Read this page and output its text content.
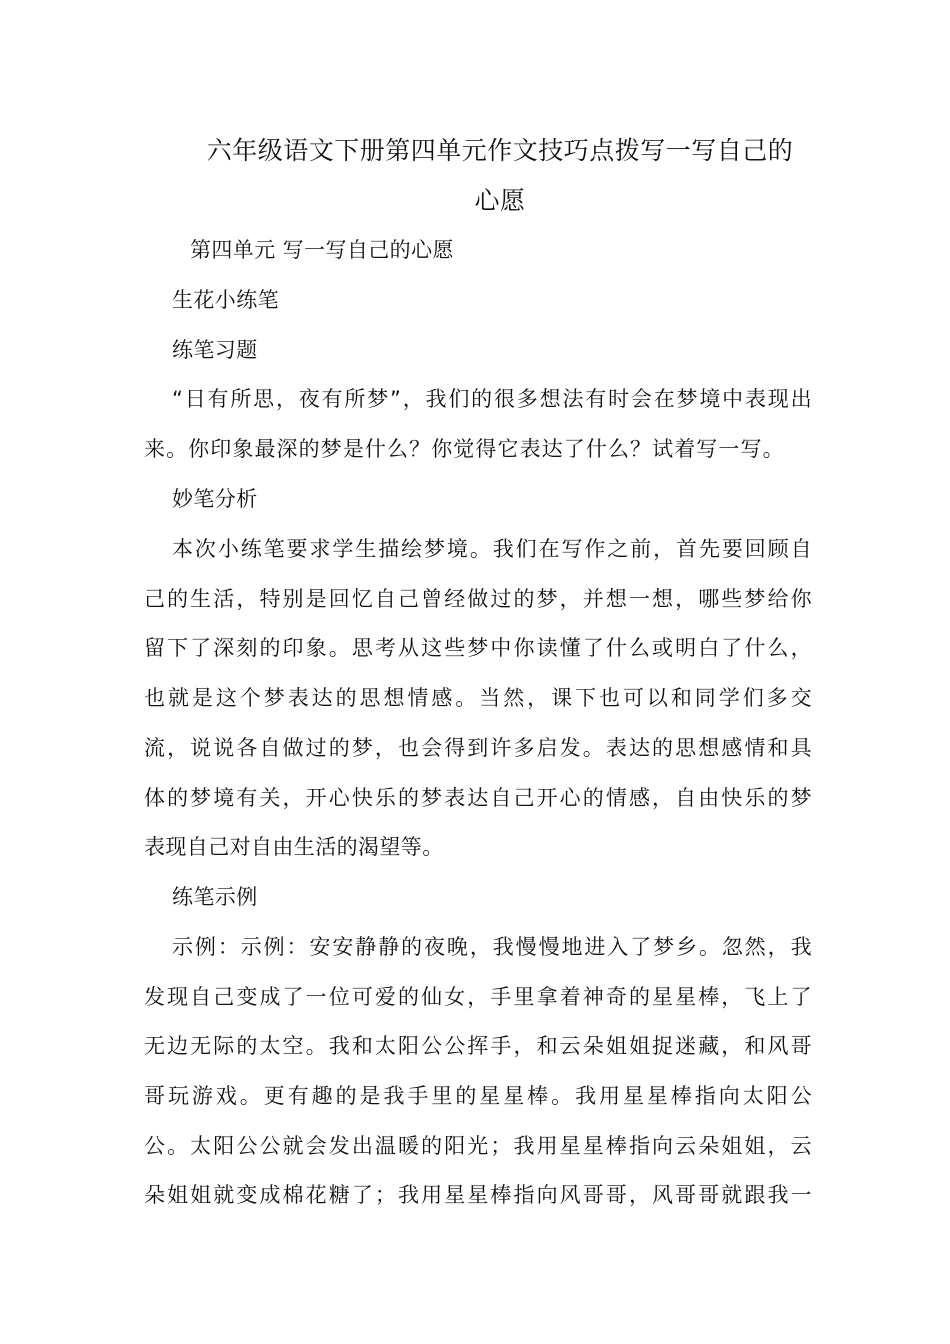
六年级语文下册第四单元作文技巧点拨写一写自己的
心愿

第四单元 写一写自己的心愿

生花小练笔

练笔习题

“日有所思，夜有所梦”，我们的很多想法有时会在梦境中表现出

来。你印象最深的梦是什么？你觉得它表达了什么？试着写一写。

妙笔分析

本次小练笔要求学生描绘梦境。我们在写作之前，首先要回顾自

己的生活，特别是回忆自己曾经做过的梦，并想一想，哪些梦给你

留下了深刻的印象。思考从这些梦中你读懂了什么或明白了什么，

也就是这个梦表达的思想情感。当然，课下也可以和同学们多交

流，说说各自做过的梦，也会得到许多启发。表达的思想感情和具

体的梦境有关，开心快乐的梦表达自己开心的情感，自由快乐的梦

表现自己对自由生活的渴望等。

练笔示例

示例：示例：安安静静的夜晚，我慢慢地进入了梦乡。忽然，我

发现自己变成了一位可爱的仙女，手里拿着神奇的星星棒，飞上了

无边无际的太空。我和太阳公公挥手，和云朵姐姐捉迷藏，和风哥

哥玩游戏。更有趣的是我手里的星星棒。我用星星棒指向太阳公

公。太阳公公就会发出温暖的阳光；我用星星棒指向云朵姐姐，云

朵姐姐就变成棉花糖了；我用星星棒指向风哥哥，风哥哥就跟我一
